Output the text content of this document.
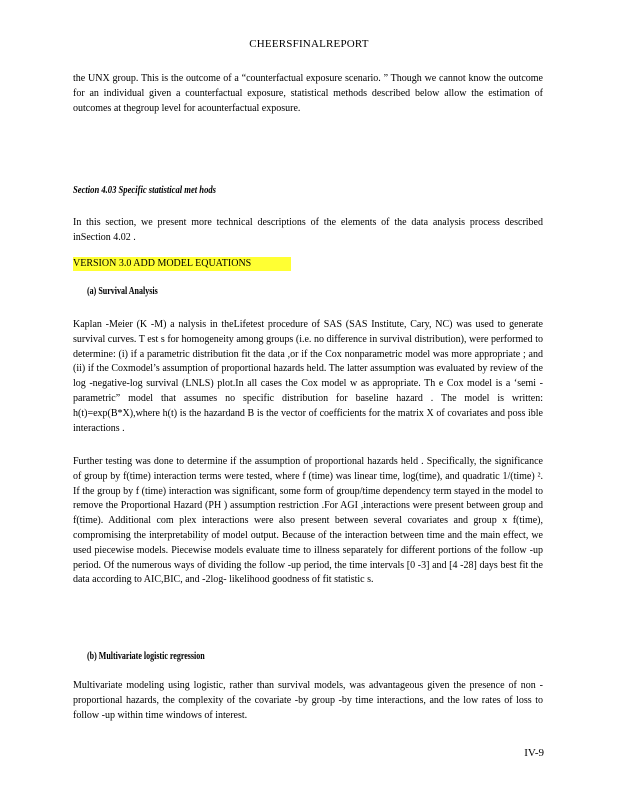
CHEERSFINALREPORT
the UNX group. This is the outcome of a “counterfactual exposure scenario. ” Though we cannot know the outcome for an individual given a counterfactual exposure, statistical methods described below allow the estimation of outcomes at thegroup level for acounterfactual exposure.
Section 4.03 Specific statistical met hods
In this section, we present more technical descriptions of the elements of the data analysis process described inSection 4.02 .
VERSION 3.0 ADD MODEL EQUATIONS
(a) Survival Analysis
Kaplan -Meier (K -M) a nalysis in theLifetest procedure of SAS (SAS Institute, Cary, NC) was used to generate survival curves. T est s for homogeneity among groups (i.e. no difference in survival distribution), were performed to determine: (i) if a parametric distribution fit the data ,or if the Cox nonparametric model was more appropriate ; and (ii) if the Coxmodel’s assumption of proportional hazards held. The latter assumption was evaluated by review of the log -negative-log survival (LNLS) plot.In all cases the Cox model w as appropriate. Th e Cox model is a ‘semi -parametric” model that assumes no specific distribution for baseline hazard . The model is written: h(t)=exp(B*X),where h(t) is the hazardand B is the vector of coefficients for the matrix X of covariates and poss ible interactions .
Further testing was done to determine if the assumption of proportional hazards held . Specifically, the significance of group by f(time) interaction terms were tested, where f (time) was linear time, log(time), and quadratic 1/(time) ². If the group by f (time) interaction was significant, some form of group/time dependency term stayed in the model to remove the Proportional Hazard (PH ) assumption restriction .For AGI ,interactions were present between group and f(time). Additional com plex interactions were also present between several covariates and group x f(time), compromising the interpretability of model output. Because of the interaction between time and the main effect, we used piecewise models. Piecewise models evaluate time to illness separately for different portions of the follow -up period. Of the numerous ways of dividing the follow -up period, the time intervals [0 -3] and [4 -28] days best fit the data according to AIC,BIC, and -2log- likelihood goodness of fit statistic s.
(b) Multivariate logistic regression
Multivariate modeling using logistic, rather than survival models, was advantageous given the presence of non -proportional hazards, the complexity of the covariate -by group -by time interactions, and the low rates of loss to follow -up within time windows of interest.
IV-9
